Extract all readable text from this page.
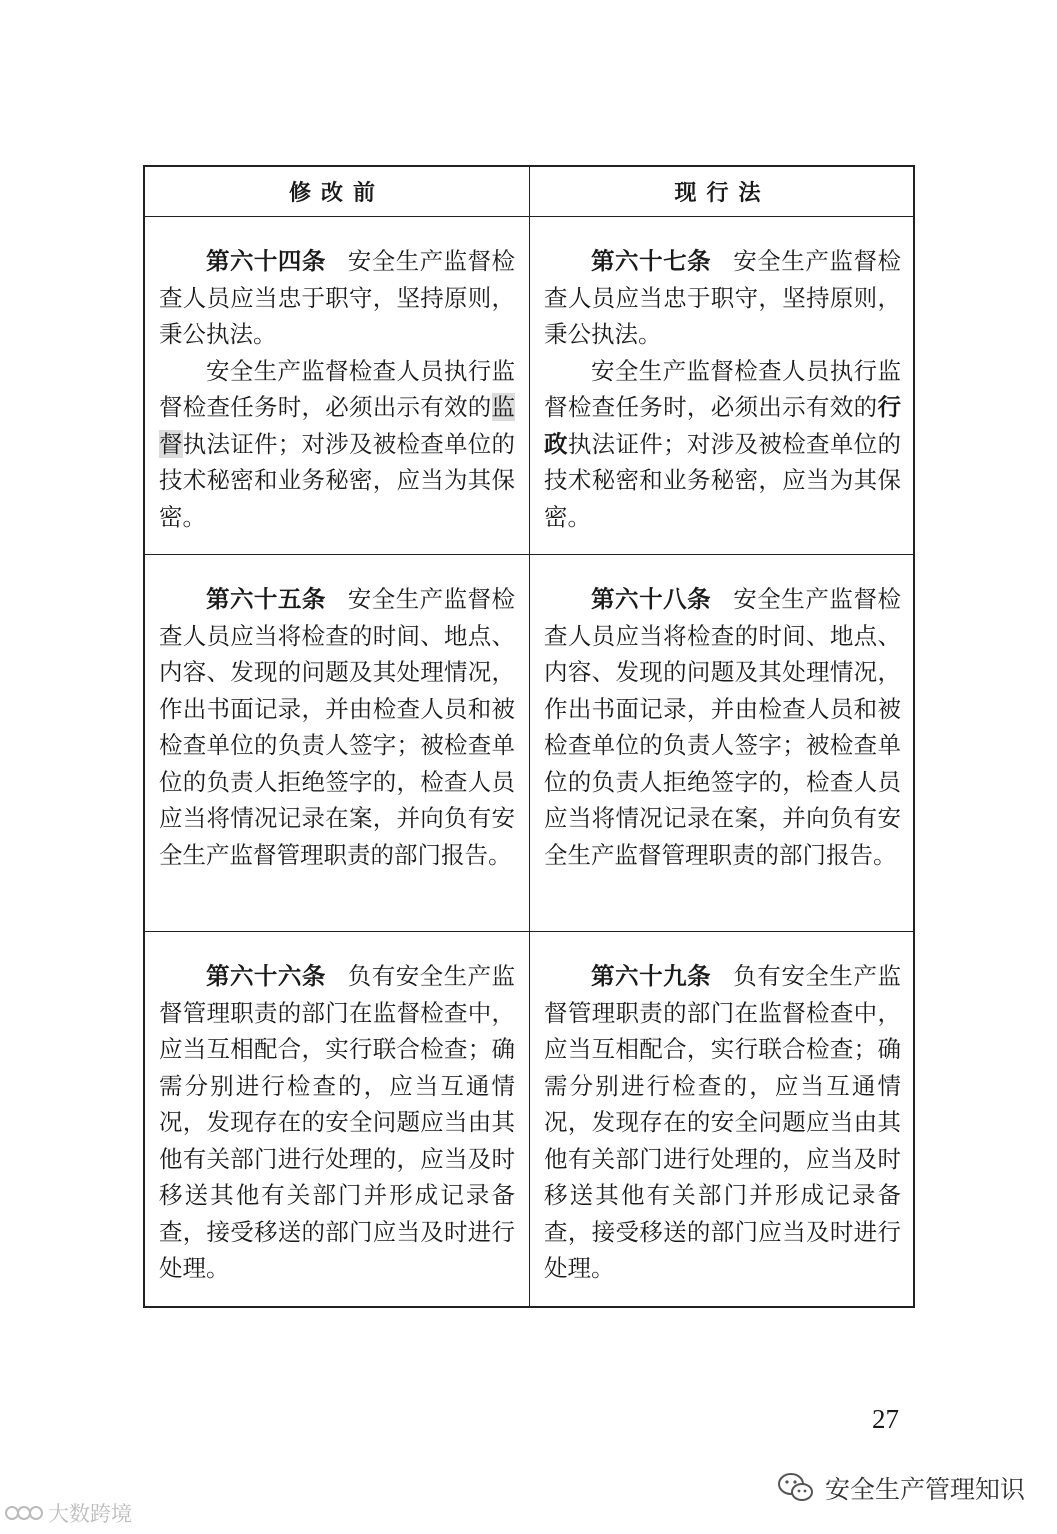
修改前	现行法

第六十四条 安全生产监督检查人员应当忠于职守，坚持原则，秉公执法。

安全生产监督检查人员执行监督检查任务时，必须出示有效的监督执法证件；对涉及被检查单位的技术秘密和业务秘密，应当为其保密。

第六十七条 安全生产监督检查人员应当忠于职守，坚持原则，秉公执法。

安全生产监督检查人员执行监督检查任务时，必须出示有效的行政执法证件；对涉及被检查单位的技术秘密和业务秘密，应当为其保密。

第六十五条 安全生产监督检查人员应当将检查的时间、地点、内容、发现的问题及其处理情况，作出书面记录，并由检查人员和被检查单位的负责人签字；被检查单位的负责人拒绝签字的，检查人员应当将情况记录在案，并向负有安全生产监督管理职责的部门报告。

第六十八条 安全生产监督检查人员应当将检查的时间、地点、内容、发现的问题及其处理情况，作出书面记录，并由检查人员和被检查单位的负责人签字；被检查单位的负责人拒绝签字的，检查人员应当将情况记录在案，并向负有安全生产监督管理职责的部门报告。

第六十六条 负有安全生产监督管理职责的部门在监督检查中，应当互相配合，实行联合检查；确需分别进行检查的，应当互通情况，发现存在的安全问题应当由其他有关部门进行处理的，应当及时移送其他有关部门并形成记录备查，接受移送的部门应当及时进行处理。

第六十九条 负有安全生产监督管理职责的部门在监督检查中，应当互相配合，实行联合检查；确需分别进行检查的，应当互通情况，发现存在的安全问题应当由其他有关部门进行处理的，应当及时移送其他有关部门并形成记录备查，接受移送的部门应当及时进行处理。

27
大数跨境
安全生产管理知识
